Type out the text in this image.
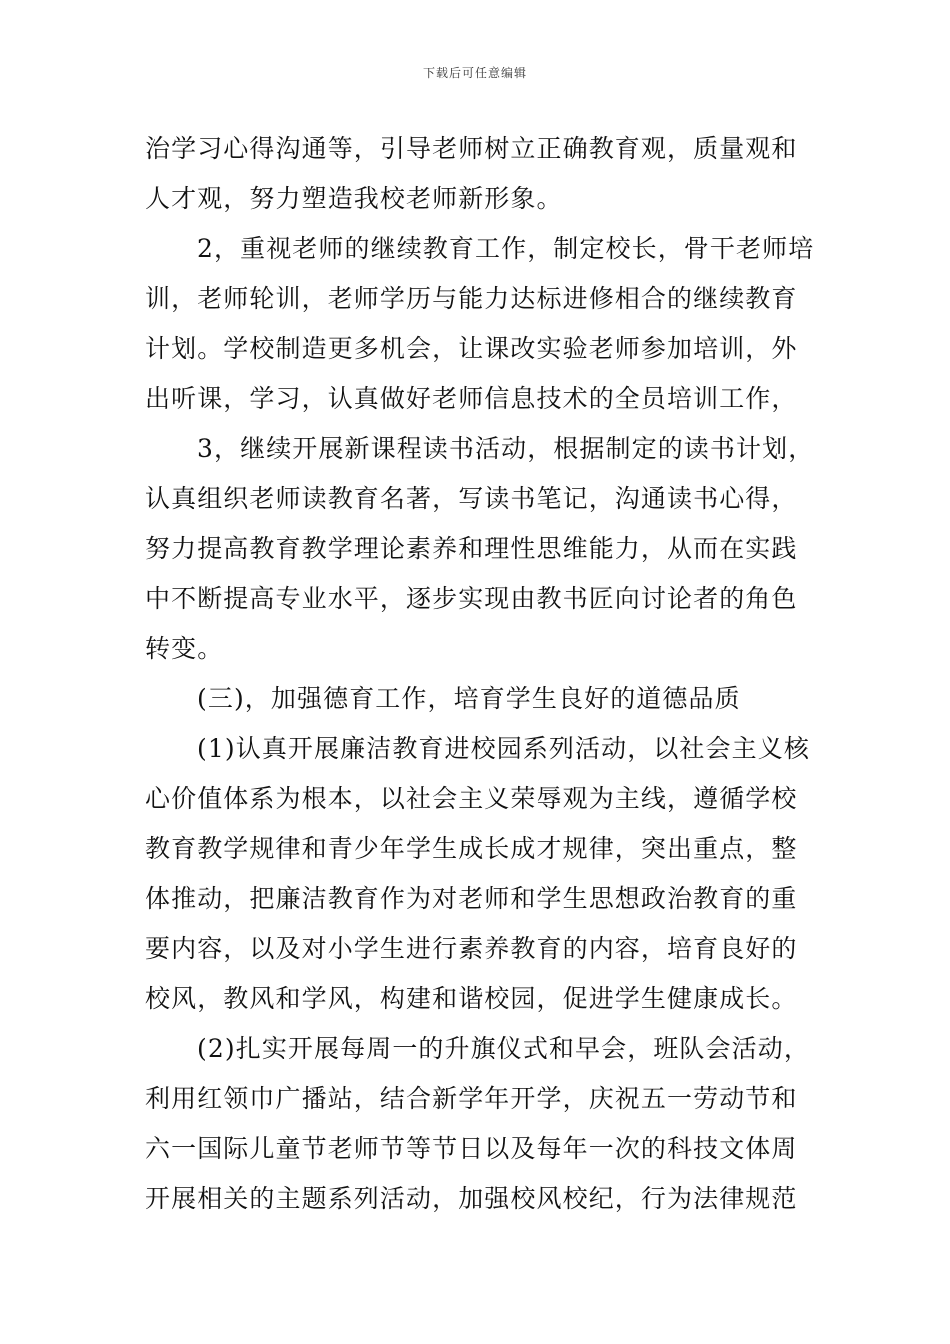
下载后可任意编辑
治学习心得沟通等，引导老师树立正确教育观，质量观和
人才观，努力塑造我校老师新形象。
2，重视老师的继续教育工作，制定校长，骨干老师培
训，老师轮训，老师学历与能力达标进修相合的继续教育
计划。学校制造更多机会，让课改实验老师参加培训，外
出听课，学习，认真做好老师信息技术的全员培训工作，
3，继续开展新课程读书活动，根据制定的读书计划，
认真组织老师读教育名著，写读书笔记，沟通读书心得，
努力提高教育教学理论素养和理性思维能力，从而在实践
中不断提高专业水平，逐步实现由教书匠向讨论者的角色
转变。
(三)，加强德育工作，培育学生良好的道德品质
(1)认真开展廉洁教育进校园系列活动，以社会主义核
心价值体系为根本，以社会主义荣辱观为主线，遵循学校
教育教学规律和青少年学生成长成才规律，突出重点，整
体推动，把廉洁教育作为对老师和学生思想政治教育的重
要内容，以及对小学生进行素养教育的内容，培育良好的
校风，教风和学风，构建和谐校园，促进学生健康成长。
(2)扎实开展每周一的升旗仪式和早会，班队会活动，
利用红领巾广播站，结合新学年开学，庆祝五一劳动节和
六一国际儿童节老师节等节日以及每年一次的科技文体周
开展相关的主题系列活动，加强校风校纪，行为法律规范
